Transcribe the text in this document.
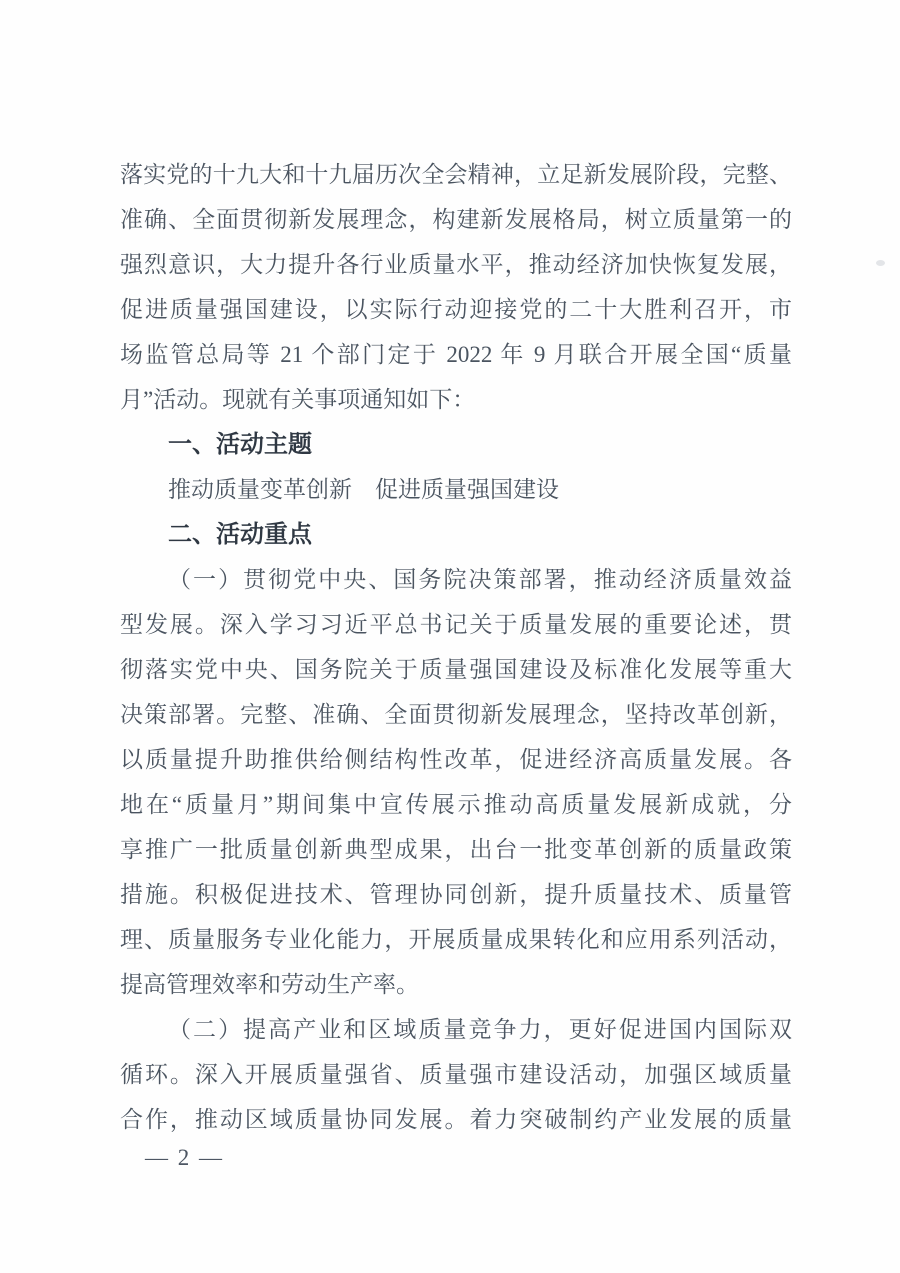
落实党的十九大和十九届历次全会精神，立足新发展阶段，完整、
准确、全面贯彻新发展理念，构建新发展格局，树立质量第一的
强烈意识，大力提升各行业质量水平，推动经济加快恢复发展，
促进质量强国建设，以实际行动迎接党的二十大胜利召开，市
场监管总局等 21 个部门定于 2022 年 9 月联合开展全国“质量
月”活动。现就有关事项通知如下：
一、活动主题
推动质量变革创新　促进质量强国建设
二、活动重点
（一）贯彻党中央、国务院决策部署，推动经济质量效益
型发展。深入学习习近平总书记关于质量发展的重要论述，贯
彻落实党中央、国务院关于质量强国建设及标准化发展等重大
决策部署。完整、准确、全面贯彻新发展理念，坚持改革创新，
以质量提升助推供给侧结构性改革，促进经济高质量发展。各
地在“质量月”期间集中宣传展示推动高质量发展新成就，分
享推广一批质量创新典型成果，出台一批变革创新的质量政策
措施。积极促进技术、管理协同创新，提升质量技术、质量管
理、质量服务专业化能力，开展质量成果转化和应用系列活动，
提高管理效率和劳动生产率。
（二）提高产业和区域质量竞争力，更好促进国内国际双
循环。深入开展质量强省、质量强市建设活动，加强区域质量
合作，推动区域质量协同发展。着力突破制约产业发展的质量
— 2 —
